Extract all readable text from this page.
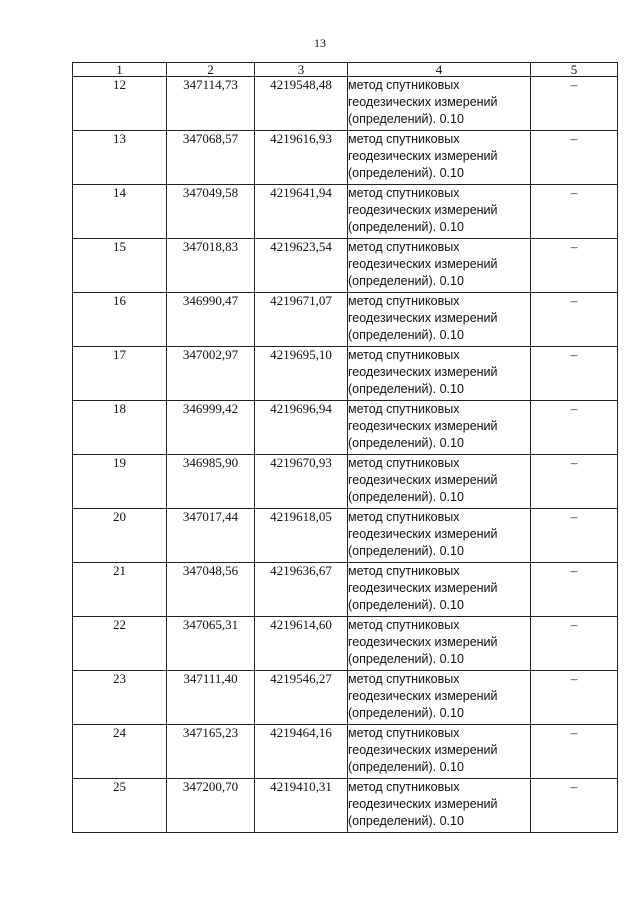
13
1	2	3	4	5
12	347114,73	4219548,48	метод спутниковых
геодезических измерений
(определений). 0.10	–
13	347068,57	4219616,93	метод спутниковых
геодезических измерений
(определений). 0.10	–
14	347049,58	4219641,94	метод спутниковых
геодезических измерений
(определений). 0.10	–
15	347018,83	4219623,54	метод спутниковых
геодезических измерений
(определений). 0.10	–
16	346990,47	4219671,07	метод спутниковых
геодезических измерений
(определений). 0.10	–
17	347002,97	4219695,10	метод спутниковых
геодезических измерений
(определений). 0.10	–
18	346999,42	4219696,94	метод спутниковых
геодезических измерений
(определений). 0.10	–
19	346985,90	4219670,93	метод спутниковых
геодезических измерений
(определений). 0.10	–
20	347017,44	4219618,05	метод спутниковых
геодезических измерений
(определений). 0.10	–
21	347048,56	4219636,67	метод спутниковых
геодезических измерений
(определений). 0.10	–
22	347065,31	4219614,60	метод спутниковых
геодезических измерений
(определений). 0.10	–
23	347111,40	4219546,27	метод спутниковых
геодезических измерений
(определений). 0.10	–
24	347165,23	4219464,16	метод спутниковых
геодезических измерений
(определений). 0.10	–
25	347200,70	4219410,31	метод спутниковых
геодезических измерений
(определений). 0.10	–
